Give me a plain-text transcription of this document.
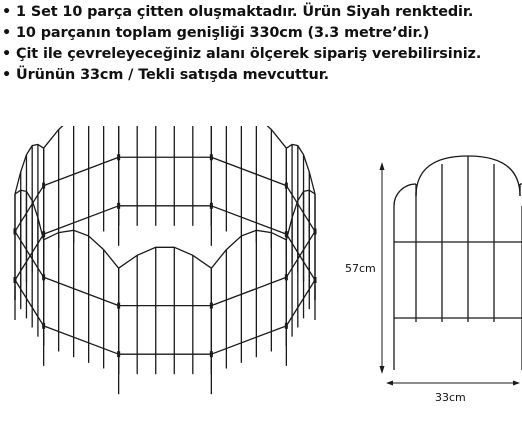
• 1 Set 10 parça çitten oluşmaktadır. Ürün Siyah renktedir.
• 10 parçanın toplam genişliği 330cm (3.3 metre’dir.)
• Çit ile çevreleyeceğiniz alanı ölçerek sipariş verebilirsiniz.
• Ürünün 33cm / Tekli satışda mevcuttur.
57cm
33cm
